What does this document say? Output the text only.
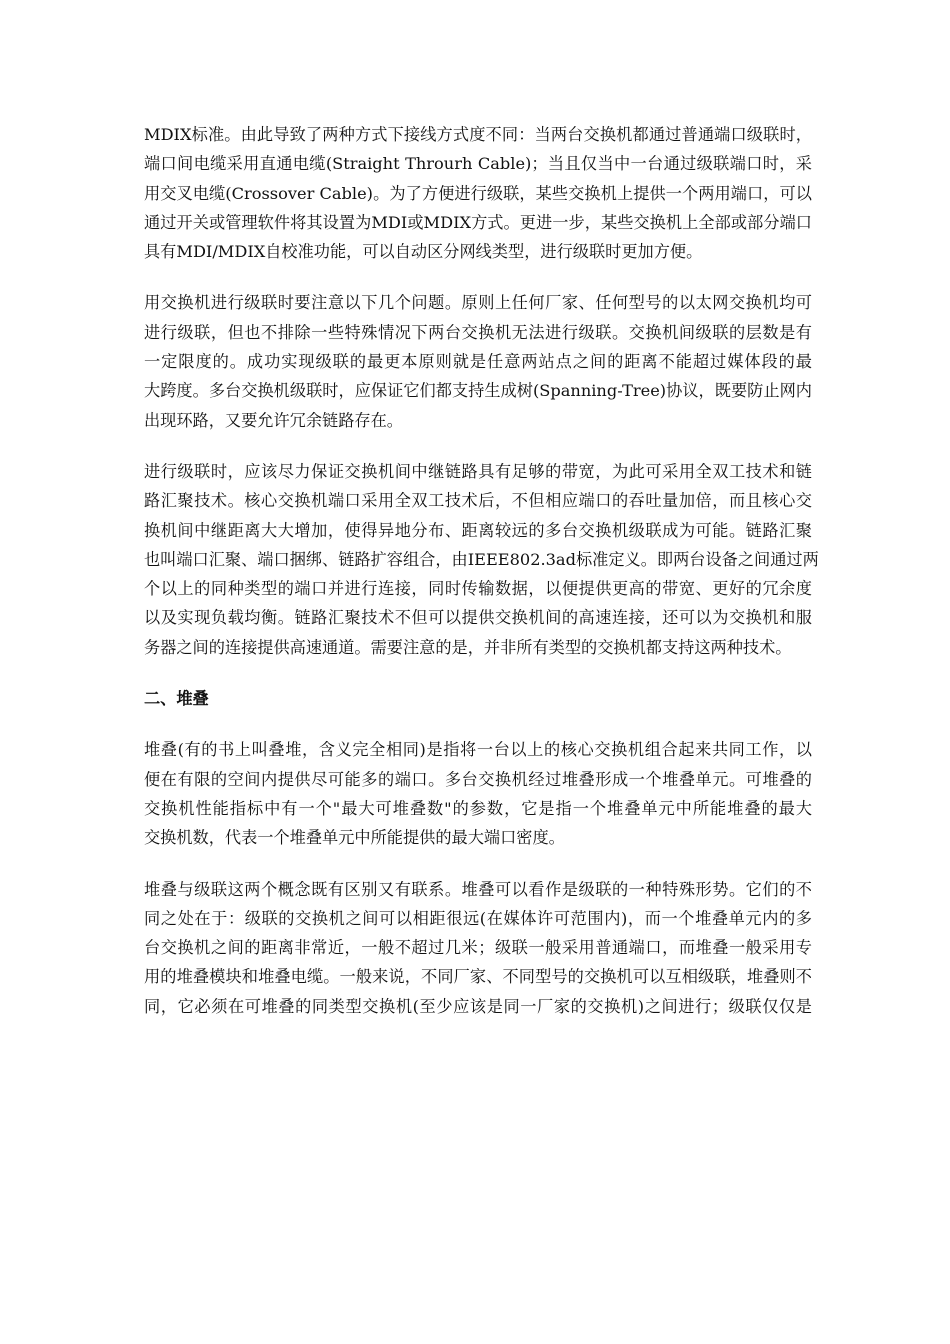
MDIX标准。由此导致了两种方式下接线方式度不同：当两台交换机都通过普通端口级联时，
端口间电缆采用直通电缆(Straight Throurh Cable)；当且仅当中一台通过级联端口时，采
用交叉电缆(Crossover Cable)。为了方便进行级联，某些交换机上提供一个两用端口，可以
通过开关或管理软件将其设置为MDI或MDIX方式。更进一步，某些交换机上全部或部分端口
具有MDI/MDIX自校准功能，可以自动区分网线类型，进行级联时更加方便。

用交换机进行级联时要注意以下几个问题。原则上任何厂家、任何型号的以太网交换机均可
进行级联，但也不排除一些特殊情况下两台交换机无法进行级联。交换机间级联的层数是有
一定限度的。成功实现级联的最更本原则就是任意两站点之间的距离不能超过媒体段的最
大跨度。多台交换机级联时，应保证它们都支持生成树(Spanning-Tree)协议，既要防止网内
出现环路，又要允许冗余链路存在。

进行级联时，应该尽力保证交换机间中继链路具有足够的带宽，为此可采用全双工技术和链
路汇聚技术。核心交换机端口采用全双工技术后，不但相应端口的吞吐量加倍，而且核心交
换机间中继距离大大增加，使得异地分布、距离较远的多台交换机级联成为可能。链路汇聚
也叫端口汇聚、端口捆绑、链路扩容组合，由IEEE802.3ad标准定义。即两台设备之间通过两
个以上的同种类型的端口并进行连接，同时传输数据，以便提供更高的带宽、更好的冗余度
以及实现负载均衡。链路汇聚技术不但可以提供交换机间的高速连接，还可以为交换机和服
务器之间的连接提供高速通道。需要注意的是，并非所有类型的交换机都支持这两种技术。

二、堆叠

堆叠(有的书上叫叠堆，含义完全相同)是指将一台以上的核心交换机组合起来共同工作，以
便在有限的空间内提供尽可能多的端口。多台交换机经过堆叠形成一个堆叠单元。可堆叠的
交换机性能指标中有一个"最大可堆叠数"的参数，它是指一个堆叠单元中所能堆叠的最大
交换机数，代表一个堆叠单元中所能提供的最大端口密度。

堆叠与级联这两个概念既有区别又有联系。堆叠可以看作是级联的一种特殊形势。它们的不
同之处在于：级联的交换机之间可以相距很远(在媒体许可范围内)，而一个堆叠单元内的多
台交换机之间的距离非常近，一般不超过几米；级联一般采用普通端口，而堆叠一般采用专
用的堆叠模块和堆叠电缆。一般来说，不同厂家、不同型号的交换机可以互相级联，堆叠则不
同，它必须在可堆叠的同类型交换机(至少应该是同一厂家的交换机)之间进行；级联仅仅是
